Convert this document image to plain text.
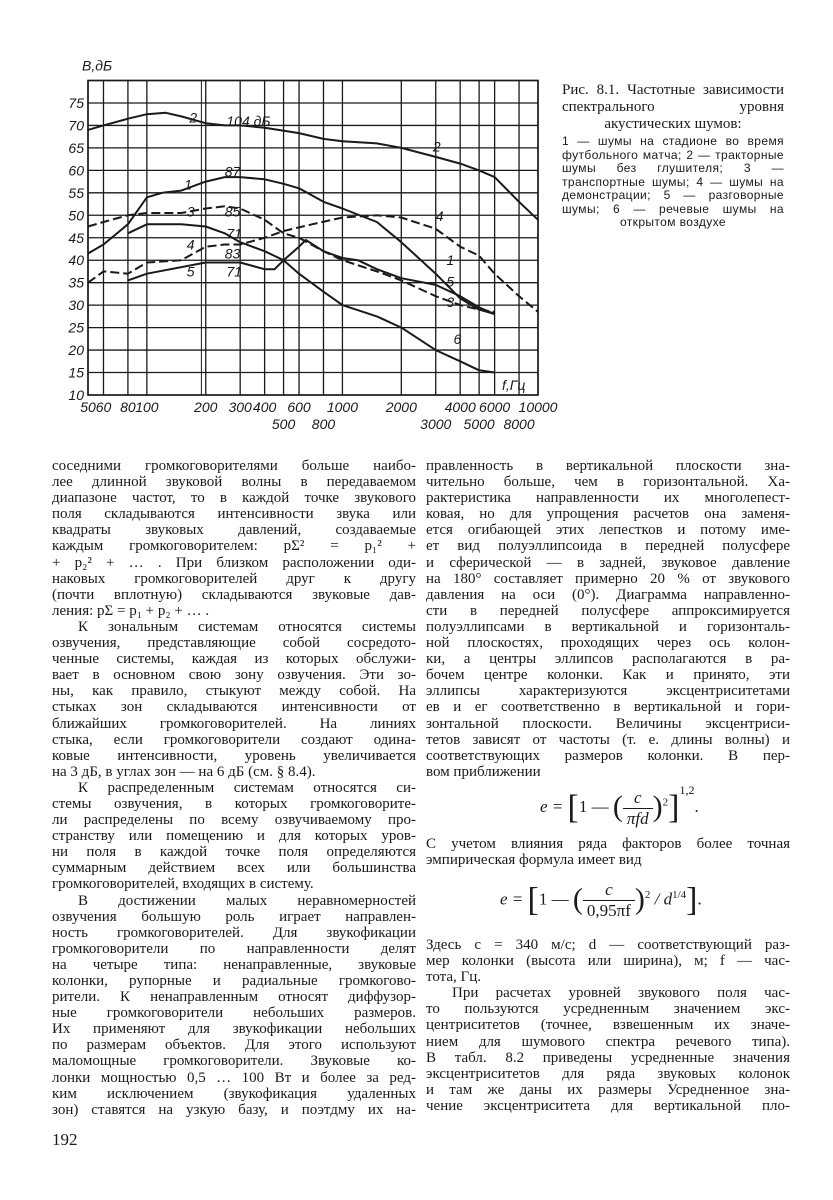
10
15
20
25
30
35
40
45
50
55
60
65
70
75
50 60 80 100	200 300 400 600 1000 2000 4000 6000 10000
500 800	3000 5000 8000
B,дБ
f,Гц
2 104 дБ
2
87
1
3 85	4
71
4
83
5 71
1
5
3
6
Рис. 8.1. Частотные зависимости спектрального уровня акустических шумов:
1 — шумы на стадионе во время футбольного матча; 2 — тракторные шумы без глушителя; 3 — транспортные шумы; 4 — шумы на демонстрации; 5 — разговорные шумы; 6 — речевые шумы на открытом воздухе
соседними громкоговорителями больше наибо-
лее длинной звуковой волны в передаваемом
диапазоне частот, то в каждой точке звукового
поля складываются интенсивности звука или
квадраты звуковых давлений, создаваемые
каждым громкоговорителем: pΣ² = p₁² +
+ p₂² + … . При близком расположении оди-
наковых громкоговорителей друг к другу
(почти вплотную) складываются звуковые дав-
ления: pΣ = p₁ + p₂ + … .
К зональным системам относятся системы
озвучения, представляющие собой сосредото-
ченные системы, каждая из которых обслужи-
вает в основном свою зону озвучения. Эти зо-
ны, как правило, стыкуют между собой. На
стыках зон складываются интенсивности от
ближайших громкоговорителей. На линиях
стыка, если громкоговорители создают одина-
ковые интенсивности, уровень увеличивается
на 3 дБ, в углах зон — на 6 дБ (см. § 8.4).
К распределенным системам относятся си-
стемы озвучения, в которых громкоговорите-
ли распределены по всему озвучиваемому про-
странству или помещению и для которых уров-
ни поля в каждой точке поля определяются
суммарным действием всех или большинства
громкоговорителей, входящих в систему.
В достижении малых неравномерностей
озвучения большую роль играет направлен-
ность громкоговорителей. Для звукофикации
громкоговорители по направленности делят
на четыре типа: ненаправленные, звуковые
колонки, рупорные и радиальные громкогово-
рители. К ненаправленным относят диффузор-
ные громкоговорители небольших размеров.
Их применяют для звукофикации небольших
по размерам объектов. Для этого используют
маломощные громкоговорители. Звуковые ко-
лонки мощностью 0,5 … 100 Вт и более за ред-
ким исключением (звукофикация удаленных
зон) ставятся на узкую базу, и поэтдму их на-
правленность в вертикальной плоскости зна-
чительно больше, чем в горизонтальной. Ха-
рактеристика направленности их многолепест-
ковая, но для упрощения расчетов она заменя-
ется огибающей этих лепестков и потому име-
ет вид полуэллипсоида в передней полусфере
и сферической — в задней, звуковое давление
на 180° составляет примерно 20 % от звукового
давления на оси (0°). Диаграмма направленно-
сти в передней полусфере аппроксимируется
полуэллипсами в вертикальной и горизонталь-
ной плоскостях, проходящих через ось колон-
ки, а центры эллипсов располагаются в ра-
бочем центре колонки. Как и принято, эти
эллипсы характеризуются эксцентриситетами
eв и eг соответственно в вертикальной и гори-
зонтальной плоскости. Величины эксцентриси-
тетов зависят от частоты (т. е. длины волны) и
соответствующих размеров колонки. В пер-
вом приближении
e = [1 — ( c
πfd )$^2$]$^{1,2}$.
С учетом влияния ряда факторов более точная
эмпирическая формула имеет вид
e = [1 — ( $\frac{c}{0,95\pi f} )^2 / d^{1/4}$].
Здесь c = 340 м/с; d — соответствующий раз-
мер колонки (высота или ширина), м; f — час-
тота, Гц.
При расчетах уровней звукового поля час-
то пользуются усредненным значением экс-
центриситетов (точнее, взвешенным их значе-
нием для шумового спектра речевого типа).
В табл. 8.2 приведены усредненные значения
эксцентриситетов для ряда звуковых колонок
и там же даны их размеры Усредненное зна-
чение эксцентриситета для вертикальной пло-
192
